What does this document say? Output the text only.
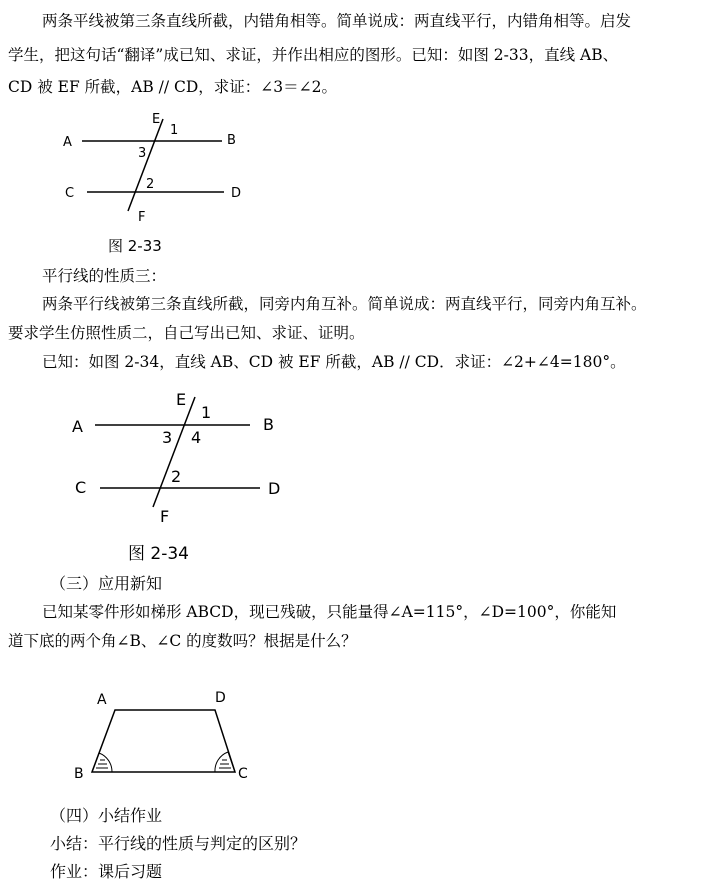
两条平线被第三条直线所截，内错角相等。简单说成：两直线平行，内错角相等。启发
学生，把这句话“翻译”成已知、求证，并作出相应的图形。已知：如图 2-33，直线 AB、
CD 被 EF 所截，AB // CD，求证：∠3＝∠2。
A	B
C	D
E
F
1
3
2
图 2-33
平行线的性质三：
两条平行线被第三条直线所截，同旁内角互补。简单说成：两直线平行，同旁内角互补。
要求学生仿照性质二，自己写出已知、求证、证明。
已知：如图 2-34，直线 AB、CD 被 EF 所截，AB // CD．求证：∠2+∠4=180°。
A	B
C	D
E
F
1
3 4
2
图 2-34
（三）应用新知
已知某零件形如梯形 ABCD，现已残破，只能量得∠A=115°，∠D=100°，你能知
道下底的两个角∠B、∠C 的度数吗？根据是什么？
A	D
B	C
（四）小结作业
小结：平行线的性质与判定的区别？
作业：课后习题
